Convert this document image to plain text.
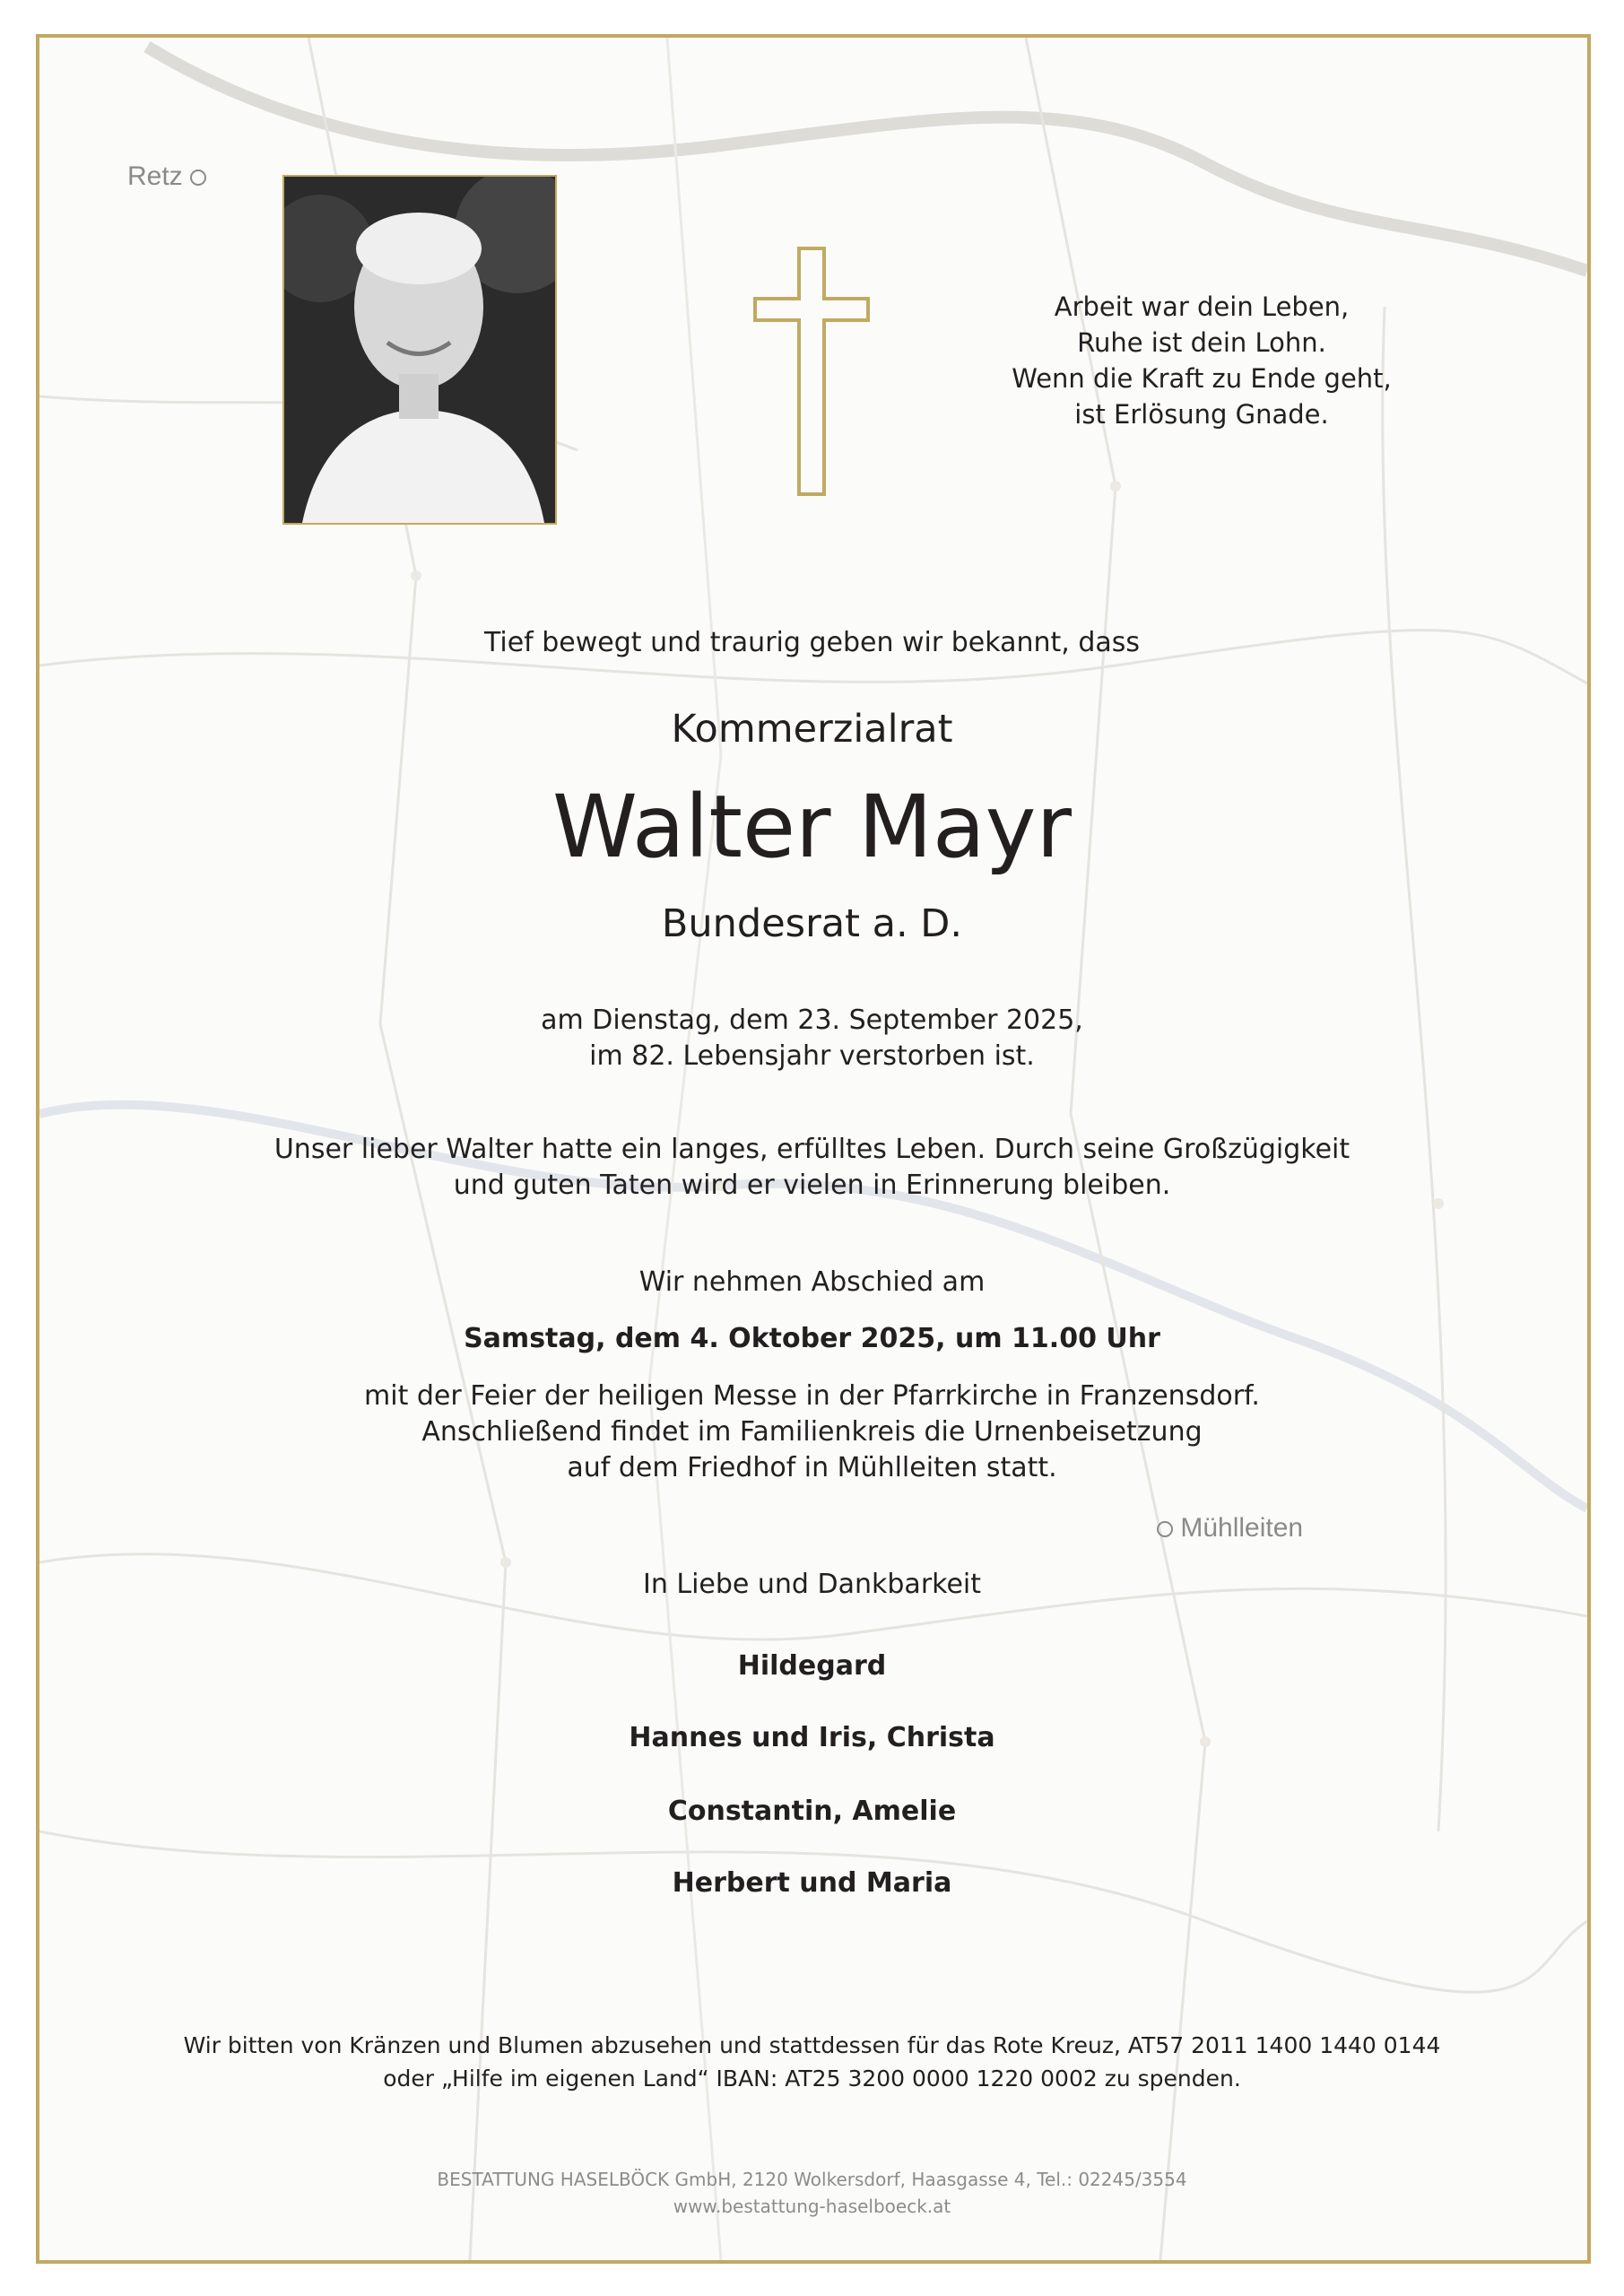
Retz
Arbeit war dein Leben,
Ruhe ist dein Lohn.
Wenn die Kraft zu Ende geht,
ist Erlösung Gnade.
Tief bewegt und traurig geben wir bekannt, dass
Kommerzialrat
Walter Mayr
Bundesrat a. D.
am Dienstag, dem 23. September 2025,
im 82. Lebensjahr verstorben ist.
Unser lieber Walter hatte ein langes, erfülltes Leben. Durch seine Großzügigkeit
und guten Taten wird er vielen in Erinnerung bleiben.
Wir nehmen Abschied am
Samstag, dem 4. Oktober 2025, um 11.00 Uhr
mit der Feier der heiligen Messe in der Pfarrkirche in Franzensdorf.
Anschließend findet im Familienkreis die Urnenbeisetzung
auf dem Friedhof in Mühlleiten statt.
Mühlleiten
In Liebe und Dankbarkeit
Hildegard
Hannes und Iris, Christa
Constantin, Amelie
Herbert und Maria
Wir bitten von Kränzen und Blumen abzusehen und stattdessen für das Rote Kreuz, AT57 2011 1400 1440 0144
oder „Hilfe im eigenen Land“ IBAN: AT25 3200 0000 1220 0002 zu spenden.
BESTATTUNG HASELBÖCK GmbH, 2120 Wolkersdorf, Haasgasse 4, Tel.: 02245/3554
www.bestattung-haselboeck.at
